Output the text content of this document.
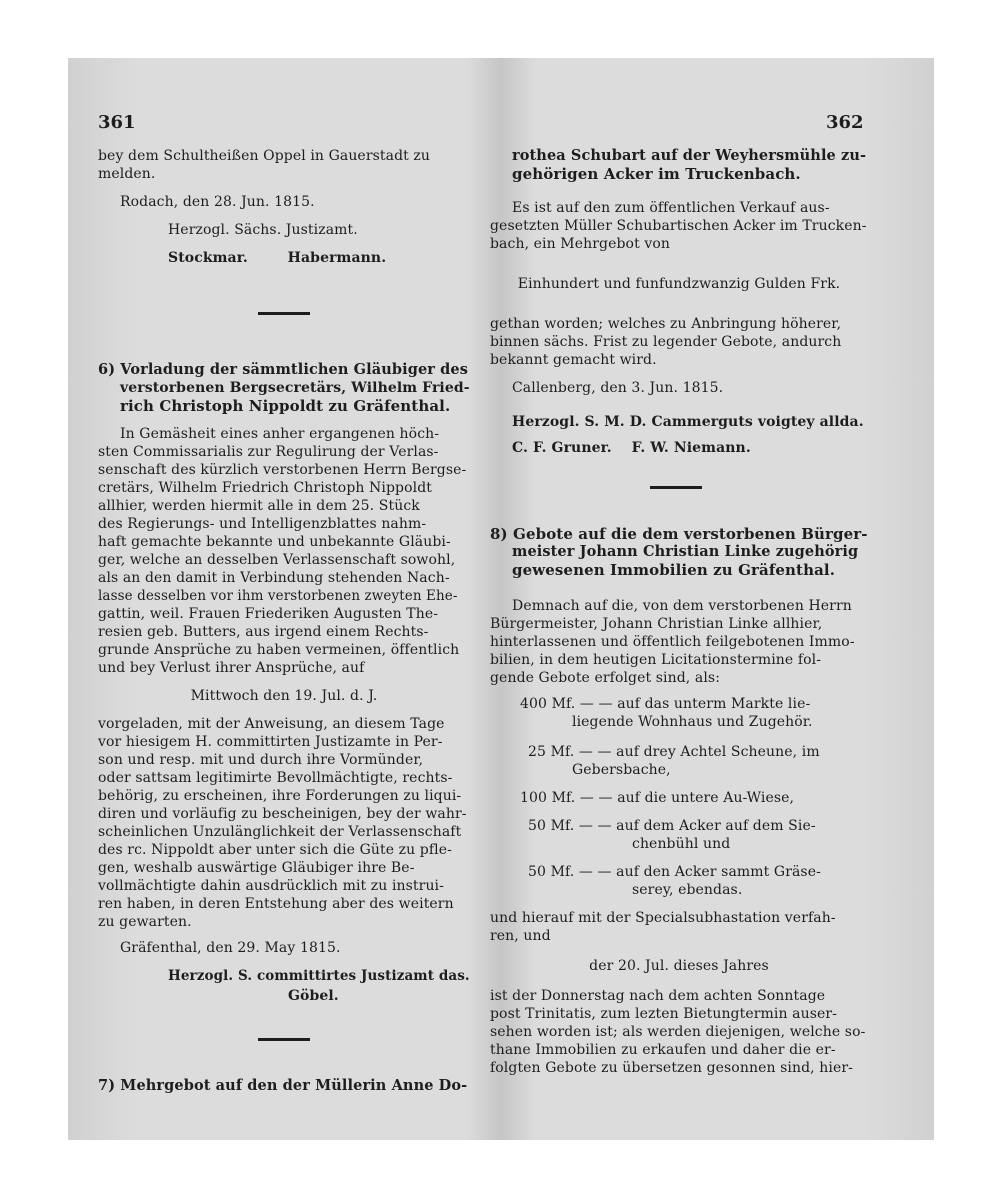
361	362
bey dem Schultheißen Oppel in Gauerstadt zu
melden.
Rodach, den 28. Jun. 1815.
Herzogl. Sächs. Justizamt.
Stockmar.        Habermann.
6) Vorladung der sämmtlichen Gläubiger des
verstorbenen Bergsecretärs, Wilhelm Fried-
rich Christoph Nippoldt zu Gräfenthal.
In Gemäsheit eines anher ergangenen höch-
sten Commissarialis zur Regulirung der Verlas-
senschaft des kürzlich verstorbenen Herrn Bergse-
cretärs, Wilhelm Friedrich Christoph Nippoldt
allhier, werden hiermit alle in dem 25. Stück
des Regierungs- und Intelligenzblattes nahm-
haft gemachte bekannte und unbekannte Gläubi-
ger, welche an desselben Verlassenschaft sowohl,
als an den damit in Verbindung stehenden Nach-
lasse desselben vor ihm verstorbenen zweyten Ehe-
gattin, weil. Frauen Friederiken Augusten The-
resien geb. Butters, aus irgend einem Rechts-
grunde Ansprüche zu haben vermeinen, öffentlich
und bey Verlust ihrer Ansprüche, auf
Mittwoch den 19. Jul. d. J.
vorgeladen, mit der Anweisung, an diesem Tage
vor hiesigem H. committirten Justizamte in Per-
son und resp. mit und durch ihre Vormünder,
oder sattsam legitimirte Bevollmächtigte, rechts-
behörig, zu erscheinen, ihre Forderungen zu liqui-
diren und vorläufig zu bescheinigen, bey der wahr-
scheinlichen Unzulänglichkeit der Verlassenschaft
des rc. Nippoldt aber unter sich die Güte zu pfle-
gen, weshalb auswärtige Gläubiger ihre Be-
vollmächtigte dahin ausdrücklich mit zu instrui-
ren haben, in deren Entstehung aber des weitern
zu gewarten.
Gräfenthal, den 29. May 1815.
Herzogl. S. committirtes Justizamt das.
Göbel.
7) Mehrgebot auf den der Müllerin Anne Do-
rothea Schubart auf der Weyhersmühle zu-
gehörigen Acker im Truckenbach.
Es ist auf den zum öffentlichen Verkauf aus-
gesetzten Müller Schubartischen Acker im Trucken-
bach, ein Mehrgebot von
Einhundert und funfundzwanzig Gulden Frk.
gethan worden; welches zu Anbringung höherer,
binnen sächs. Frist zu legender Gebote, andurch
bekannt gemacht wird.
Callenberg, den 3. Jun. 1815.
Herzogl. S. M. D. Cammerguts voigtey allda.
C. F. Gruner.    F. W. Niemann.
8) Gebote auf die dem verstorbenen Bürger-
meister Johann Christian Linke zugehörig
gewesenen Immobilien zu Gräfenthal.
Demnach auf die, von dem verstorbenen Herrn
Bürgermeister, Johann Christian Linke allhier,
hinterlassenen und öffentlich feilgebotenen Immo-
bilien, in dem heutigen Licitationstermine fol-
gende Gebote erfolget sind, als:
400 Mf. — — auf das unterm Markte lie-
liegende Wohnhaus und Zugehör.
25 Mf. — — auf drey Achtel Scheune, im
Gebersbache,
100 Mf. — — auf die untere Au-Wiese,
50 Mf. — — auf dem Acker auf dem Sie-
chenbühl und
50 Mf. — — auf den Acker sammt Gräse-
serey, ebendas.
und hierauf mit der Specialsubhastation verfah-
ren, und
der 20. Jul. dieses Jahres
ist der Donnerstag nach dem achten Sonntage
post Trinitatis, zum lezten Bietungtermin auser-
sehen worden ist; als werden diejenigen, welche so-
thane Immobilien zu erkaufen und daher die er-
folgten Gebote zu übersetzen gesonnen sind, hier-
